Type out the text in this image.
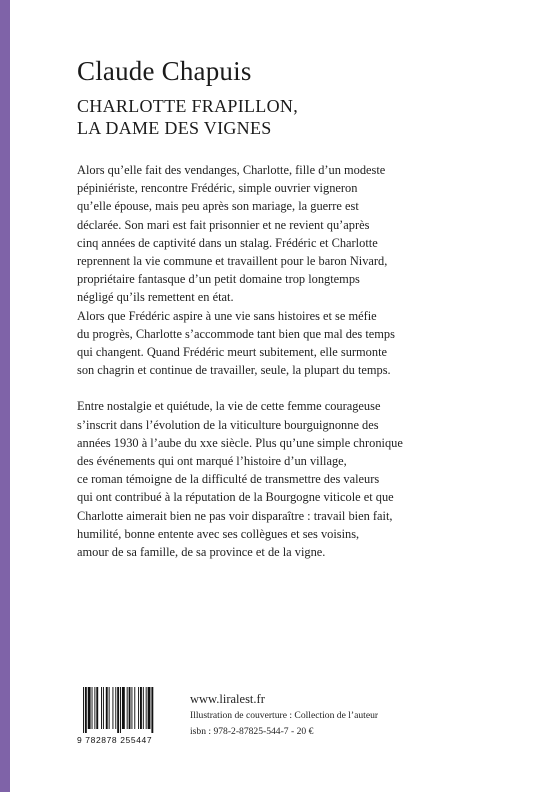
Claude Chapuis
CHARLOTTE FRAPILLON,
LA DAME DES VIGNES
Alors qu’elle fait des vendanges, Charlotte, fille d’un modeste
pépiniériste, rencontre Frédéric, simple ouvrier vigneron
qu’elle épouse, mais peu après son mariage, la guerre est
déclarée. Son mari est fait prisonnier et ne revient qu’après
cinq années de captivité dans un stalag. Frédéric et Charlotte
reprennent la vie commune et travaillent pour le baron Nivard,
propriétaire fantasque d’un petit domaine trop longtemps
négligé qu’ils remettent en état.
Alors que Frédéric aspire à une vie sans histoires et se méfie
du progrès, Charlotte s’accommode tant bien que mal des temps
qui changent. Quand Frédéric meurt subitement, elle surmonte
son chagrin et continue de travailler, seule, la plupart du temps.
Entre nostalgie et quiétude, la vie de cette femme courageuse
s’inscrit dans l’évolution de la viticulture bourguignonne des
années 1930 à l’aube du xxe siècle. Plus qu’une simple chronique
des événements qui ont marqué l’histoire d’un village,
ce roman témoigne de la difficulté de transmettre des valeurs
qui ont contribué à la réputation de la Bourgogne viticole et que
Charlotte aimerait bien ne pas voir disparaître : travail bien fait,
humilité, bonne entente avec ses collègues et ses voisins,
amour de sa famille, de sa province et de la vigne.
9 782878 255447
www.liralest.fr
Illustration de couverture : Collection de l’auteur
isbn : 978-2-87825-544-7 - 20 €
